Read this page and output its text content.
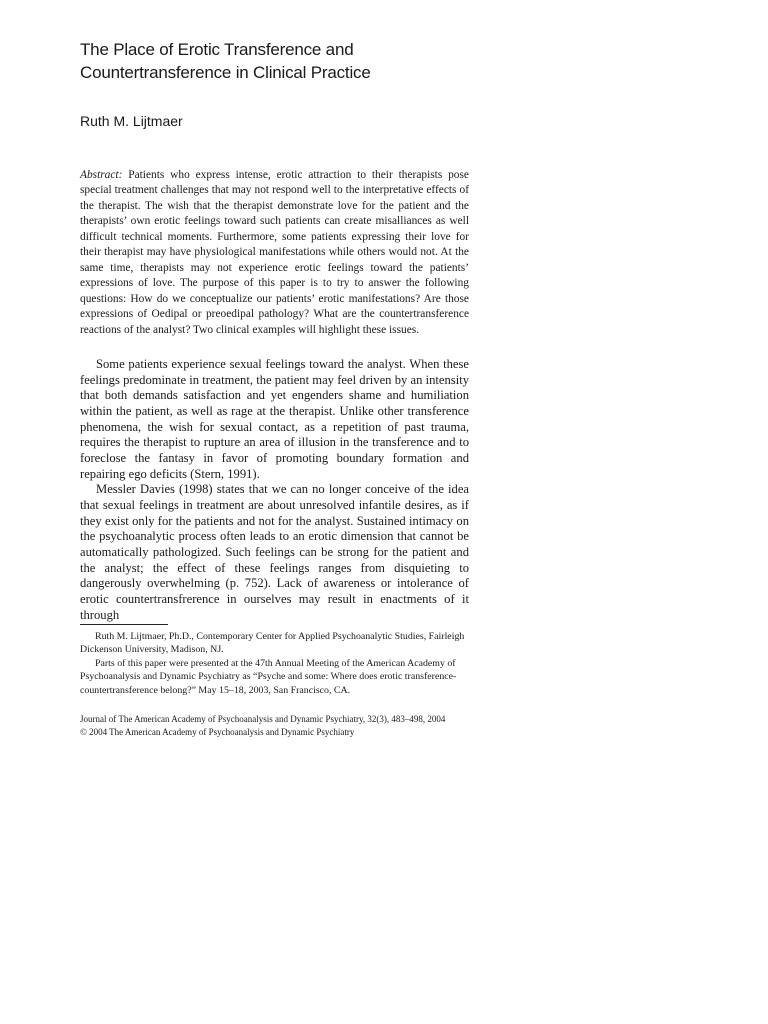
The Place of Erotic Transference and
Countertransference in Clinical Practice

Ruth M. Lijtmaer

Abstract: Patients who express intense, erotic attraction to their therapists pose special treatment challenges that may not respond well to the interpretative effects of the therapist. The wish that the therapist demonstrate love for the patient and the therapists’ own erotic feelings toward such patients can create misalliances as well difficult technical moments. Furthermore, some patients expressing their love for their therapist may have physiological manifestations while others would not. At the same time, therapists may not experience erotic feelings toward the patients’ expressions of love. The purpose of this paper is to try to answer the following questions: How do we conceptualize our patients’ erotic manifestations? Are those expressions of Oedipal or preoedipal pathology? What are the countertransference reactions of the analyst? Two clinical examples will highlight these issues.

Some patients experience sexual feelings toward the analyst. When these feelings predominate in treatment, the patient may feel driven by an intensity that both demands satisfaction and yet engenders shame and humiliation within the patient, as well as rage at the therapist. Unlike other transference phenomena, the wish for sexual contact, as a repetition of past trauma, requires the therapist to rupture an area of illusion in the transference and to foreclose the fantasy in favor of promoting boundary formation and repairing ego deficits (Stern, 1991).

Messler Davies (1998) states that we can no longer conceive of the idea that sexual feelings in treatment are about unresolved infantile desires, as if they exist only for the patients and not for the analyst. Sustained intimacy on the psychoanalytic process often leads to an erotic dimension that cannot be automatically pathologized. Such feelings can be strong for the patient and the analyst; the effect of these feelings ranges from disquieting to dangerously overwhelming (p. 752). Lack of awareness or intolerance of erotic countertransfrerence in ourselves may result in enactments of it through

Ruth M. Lijtmaer, Ph.D., Contemporary Center for Applied Psychoanalytic Studies, Fairleigh Dickenson University, Madison, NJ.

Parts of this paper were presented at the 47th Annual Meeting of the American Academy of Psychoanalysis and Dynamic Psychiatry as “Psyche and some: Where does erotic transference-countertransference belong?” May 15–18, 2003, San Francisco, CA.

Journal of The American Academy of Psychoanalysis and Dynamic Psychiatry, 32(3), 483–498, 2004
© 2004 The American Academy of Psychoanalysis and Dynamic Psychiatry
